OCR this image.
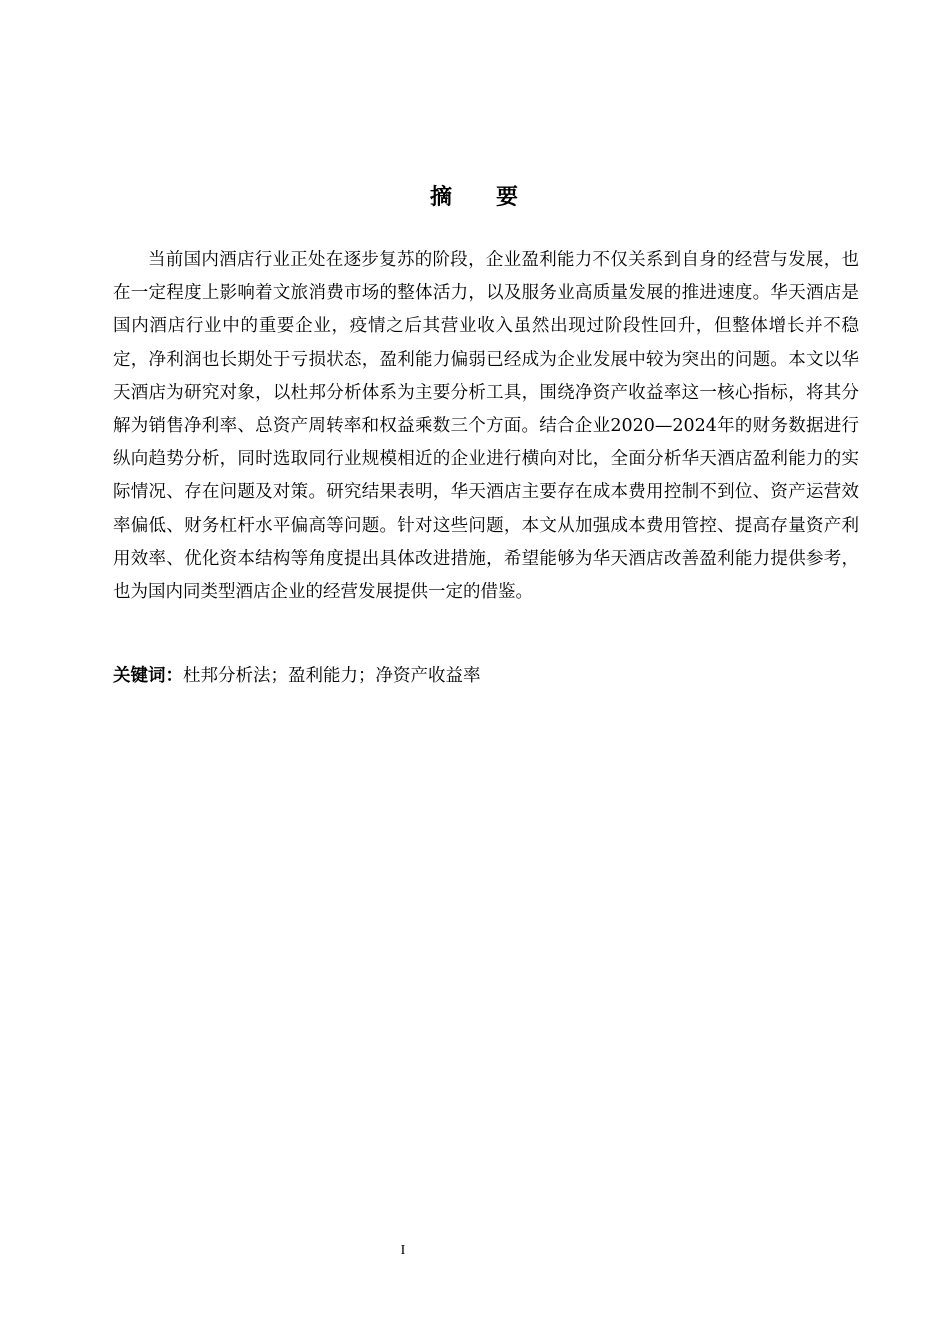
摘 要

当前国内酒店行业正处在逐步复苏的阶段，企业盈利能力不仅关系到自身的经营与发展，也在一定程度上影响着文旅消费市场的整体活力，以及服务业高质量发展的推进速度。华天酒店是国内酒店行业中的重要企业，疫情之后其营业收入虽然出现过阶段性回升，但整体增长并不稳定，净利润也长期处于亏损状态，盈利能力偏弱已经成为企业发展中较为突出的问题。本文以华天酒店为研究对象，以杜邦分析体系为主要分析工具，围绕净资产收益率这一核心指标，将其分解为销售净利率、总资产周转率和权益乘数三个方面。结合企业2020—2024年的财务数据进行纵向趋势分析，同时选取同行业规模相近的企业进行横向对比，全面分析华天酒店盈利能力的实际情况、存在问题及对策。研究结果表明，华天酒店主要存在成本费用控制不到位、资产运营效率偏低、财务杠杆水平偏高等问题。针对这些问题，本文从加强成本费用管控、提高存量资产利用效率、优化资本结构等角度提出具体改进措施，希望能够为华天酒店改善盈利能力提供参考，也为国内同类型酒店企业的经营发展提供一定的借鉴。

关键词：杜邦分析法；盈利能力；净资产收益率

I
